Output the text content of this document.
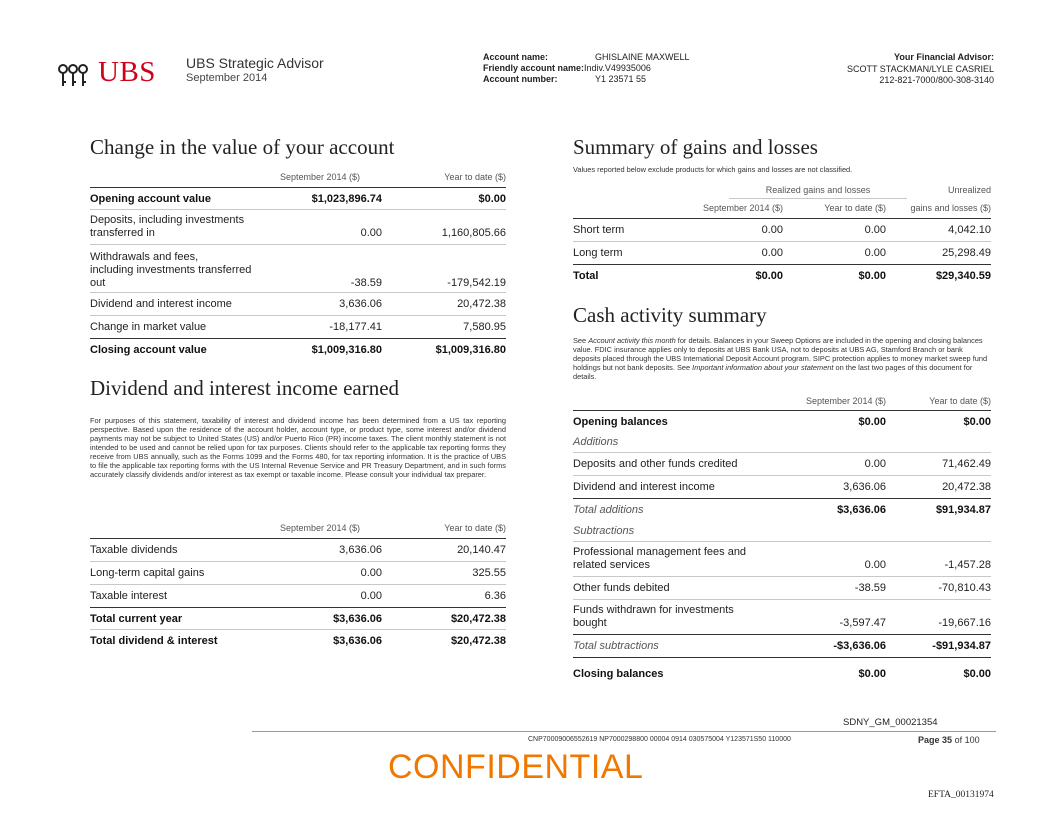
UBS UBS Strategic Advisor
September 2014
Account name:	GHISLAINE MAXWELL
Friendly account name:Indiv.V49935006
Account number:	Y1 23571 55
Your Financial Advisor:
SCOTT STACKMAN/LYLE CASRIEL
212-821-7000/800-308-3140
Change in the value of your account
September 2014 ($)	Year to date ($)
Opening account value	$1,023,896.74	$0.00
Deposits, including investments
transferred in	0.00	1,160,805.66
Withdrawals and fees,
including investments transferred
out	-38.59	-179,542.19
Dividend and interest income	3,636.06	20,472.38
Change in market value	-18,177.41	7,580.95
Closing account value	$1,009,316.80	$1,009,316.80
Dividend and interest income earned
For purposes of this statement, taxability of interest and dividend income has been determined from a US tax reporting perspective. Based upon the residence of the account holder, account type, or product type, some interest and/or dividend payments may not be subject to United States (US) and/or Puerto Rico (PR) income taxes. The client monthly statement is not intended to be used and cannot be relied upon for tax purposes. Clients should refer to the applicable tax reporting forms they receive from UBS annually, such as the Forms 1099 and the Forms 480, for tax reporting information. It is the practice of UBS to file the applicable tax reporting forms with the US Internal Revenue Service and PR Treasury Department, and in such forms accurately classify dividends and/or interest as tax exempt or taxable income. Please consult your individual tax preparer.
September 2014 ($)	Year to date ($)
Taxable dividends	3,636.06	20,140.47
Long-term capital gains	0.00	325.55
Taxable interest	0.00	6.36
Total current year	$3,636.06	$20,472.38
Total dividend & interest	$3,636.06	$20,472.38
Summary of gains and losses
Values reported below exclude products for which gains and losses are not classified.
Realized gains and losses	Unrealized
September 2014 ($)	Year to date ($)	gains and losses ($)
Short term	0.00	0.00	4,042.10
Long term	0.00	0.00	25,298.49
Total	$0.00	$0.00	$29,340.59
Cash activity summary
See Account activity this month for details. Balances in your Sweep Options are included in the opening and closing balances value. FDIC insurance applies only to deposits at UBS Bank USA, not to deposits at UBS AG, Stamford Branch or bank deposits placed through the UBS International Deposit Account program. SIPC protection applies to money market sweep fund holdings but not bank deposits. See Important information about your statement on the last two pages of this document for details.
September 2014 ($)	Year to date ($)
Opening balances	$0.00	$0.00
Additions
Deposits and other funds credited	0.00	71,462.49
Dividend and interest income	3,636.06	20,472.38
Total additions	$3,636.06	$91,934.87
Subtractions
Professional management fees and
related services	0.00	-1,457.28
Other funds debited	-38.59	-70,810.43
Funds withdrawn for investments
bought	-3,597.47	-19,667.16
Total subtractions	-$3,636.06	-$91,934.87
Closing balances	$0.00	$0.00
SDNY_GM_00021354
CNP7000900655261​9 NP7000298800 00004 0914 030575004 Y123571S50 110000	Page 35 of 100
CONFIDENTIAL
EFTA_00131974
